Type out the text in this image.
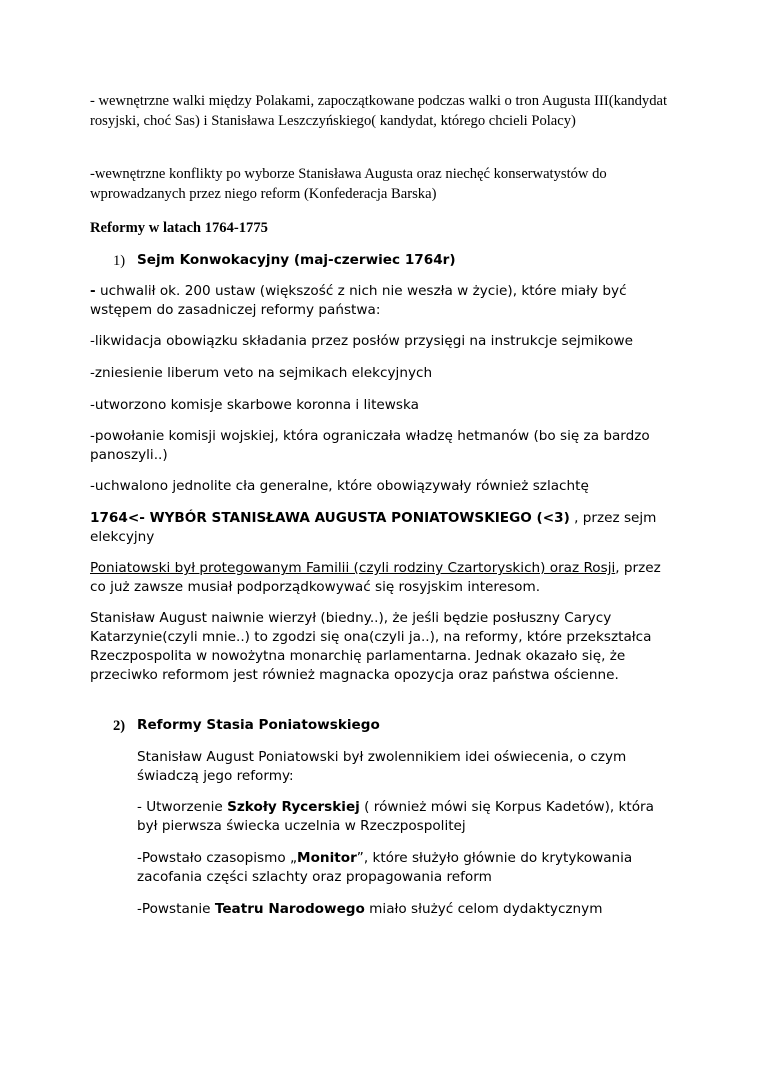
- wewnętrzne walki między Polakami, zapoczątkowane podczas walki o tron Augusta III(kandydat rosyjski, choć Sas) i Stanisława Leszczyńskiego( kandydat, którego chcieli Polacy)

-wewnętrzne konflikty po wyborze Stanisława Augusta oraz niechęć konserwatystów do wprowadzanych przez niego reform (Konfederacja Barska)

Reformy w latach 1764-1775

1) Sejm Konwokacyjny (maj-czerwiec 1764r)

- uchwalił ok. 200 ustaw (większość z nich nie weszła w życie), które miały być wstępem do zasadniczej reformy państwa:

-likwidacja obowiązku składania przez posłów przysięgi na instrukcje sejmikowe

-zniesienie liberum veto na sejmikach elekcyjnych

-utworzono komisje skarbowe koronna i litewska

-powołanie komisji wojskiej, która ograniczała władzę hetmanów (bo się za bardzo panoszyli..)

-uchwalono jednolite cła generalne, które obowiązywały również szlachtę

1764<- WYBÓR STANISŁAWA AUGUSTA PONIATOWSKIEGO (<3) , przez sejm elekcyjny

Poniatowski był protegowanym Familii (czyli rodziny Czartoryskich) oraz Rosji, przez co już zawsze musiał podporządkowywać się rosyjskim interesom.

Stanisław August naiwnie wierzył (biedny..), że jeśli będzie posłuszny Carycy Katarzynie(czyli mnie..) to zgodzi się ona(czyli ja..), na reformy, które przekształca Rzeczpospolita w nowożytna monarchię parlamentarna. Jednak okazało się, że przeciwko reformom jest również magnacka opozycja oraz państwa ościenne.

2) Reformy Stasia Poniatowskiego

Stanisław August Poniatowski był zwolennikiem idei oświecenia, o czym świadczą jego reformy:

- Utworzenie Szkoły Rycerskiej ( również mówi się Korpus Kadetów), która był pierwsza świecka uczelnia w Rzeczpospolitej

-Powstało czasopismo „Monitor”, które służyło głównie do krytykowania zacofania części szlachty oraz propagowania reform

-Powstanie Teatru Narodowego miało służyć celom dydaktycznym
